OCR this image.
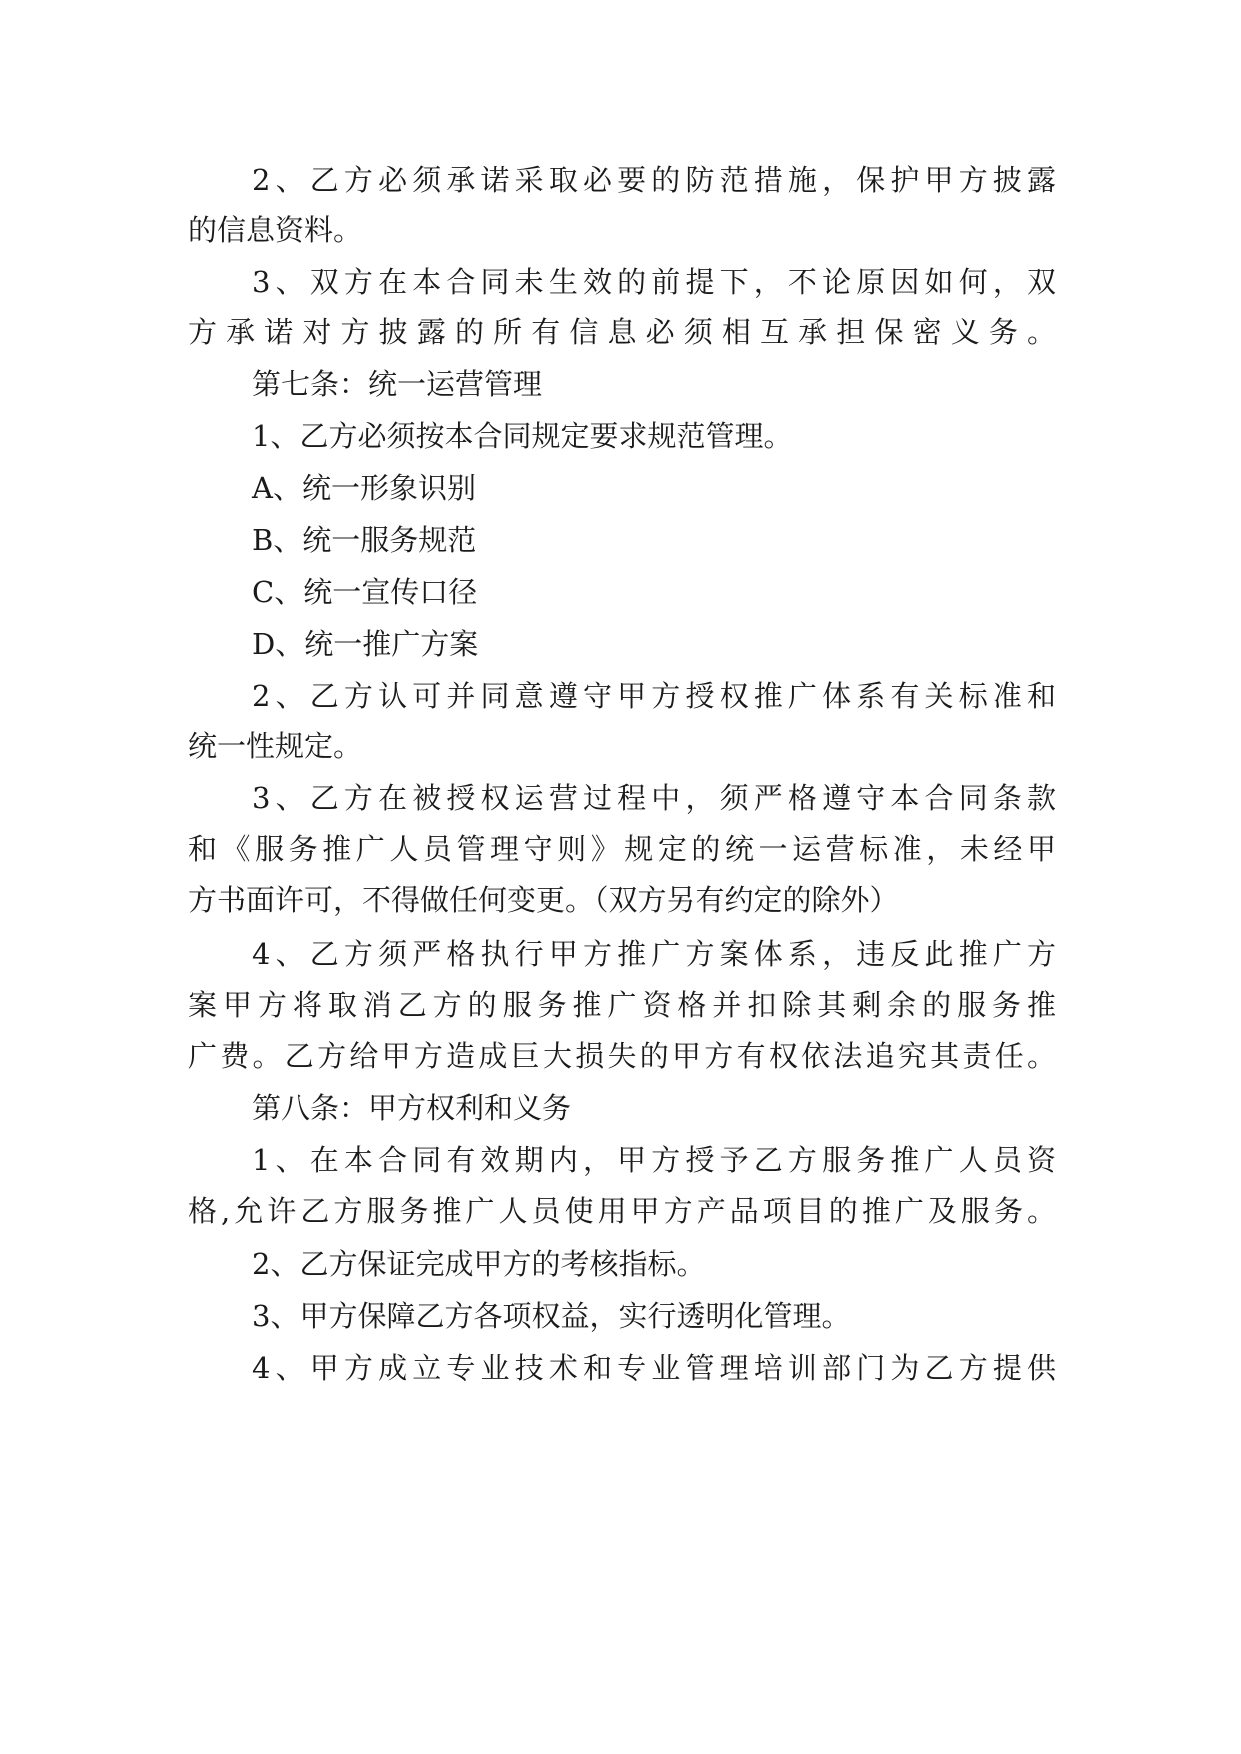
2、乙方必须承诺采取必要的防范措施，保护甲方披露
的信息资料。
3、双方在本合同未生效的前提下，不论原因如何，双
方承诺对方披露的所有信息必须相互承担保密义务。
第七条：统一运营管理
1、乙方必须按本合同规定要求规范管理。
A、统一形象识别
B、统一服务规范
C、统一宣传口径
D、统一推广方案
2、乙方认可并同意遵守甲方授权推广体系有关标准和
统一性规定。
3、乙方在被授权运营过程中，须严格遵守本合同条款
和《服务推广人员管理守则》规定的统一运营标准，未经甲
方书面许可，不得做任何变更。（双方另有约定的除外）
4、乙方须严格执行甲方推广方案体系，违反此推广方
案甲方将取消乙方的服务推广资格并扣除其剩余的服务推
广费。乙方给甲方造成巨大损失的甲方有权依法追究其责任。
第八条：甲方权利和义务
1、在本合同有效期内，甲方授予乙方服务推广人员资
格,允许乙方服务推广人员使用甲方产品项目的推广及服务。
2、乙方保证完成甲方的考核指标。
3、甲方保障乙方各项权益，实行透明化管理。
4、甲方成立专业技术和专业管理培训部门为乙方提供
